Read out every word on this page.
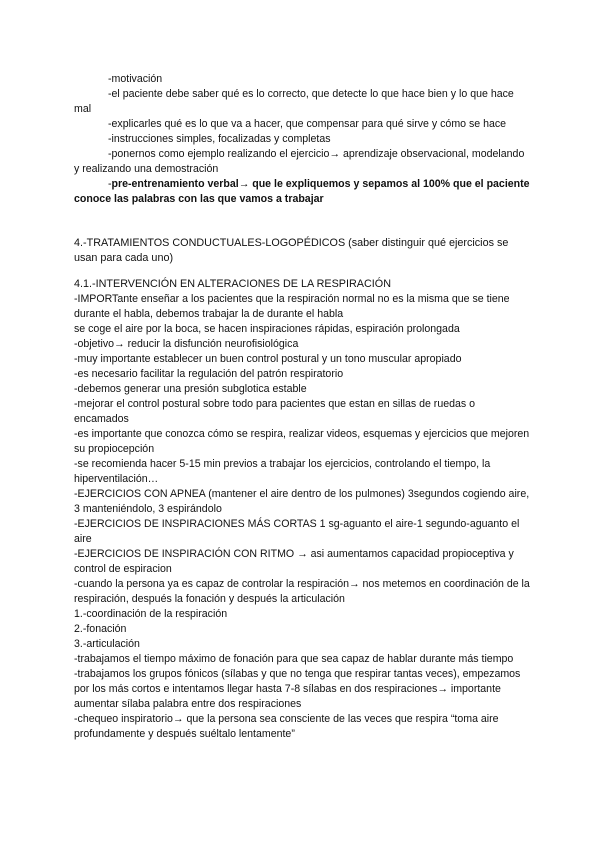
-motivación

-el paciente debe saber qué es lo correcto, que detecte lo que hace bien y lo que hace mal

-explicarles qué es lo que va a hacer, que compensar para qué sirve y cómo se hace

-instrucciones simples, focalizadas y completas

-ponernos como ejemplo realizando el ejercicio→ aprendizaje observacional, modelando y realizando una demostración

-pre-entrenamiento verbal→ que le expliquemos y sepamos al 100% que el paciente conoce las palabras con las que vamos a trabajar

4.-TRATAMIENTOS CONDUCTUALES-LOGOPÉDICOS (saber distinguir qué ejercicios se usan para cada uno)

4.1.-INTERVENCIÓN EN ALTERACIONES DE LA RESPIRACIÓN

-IMPORTante enseñar a los pacientes que la respiración normal no es la misma que se tiene durante el habla, debemos trabajar la de durante el habla

se coge el aire por la boca, se hacen inspiraciones rápidas, espiración prolongada

-objetivo→ reducir la disfunción neurofisiológica

-muy importante establecer un buen control postural y un tono muscular apropiado

-es necesario facilitar la regulación del patrón respiratorio

-debemos generar una presión subglotica estable

-mejorar el control postural sobre todo para pacientes que estan en sillas de ruedas o encamados

-es importante que conozca cómo se respira, realizar videos, esquemas y ejercicios que mejoren su propiocepción

-se recomienda hacer 5-15 min previos a trabajar los ejercicios, controlando el tiempo, la hiperventilación…

-EJERCICIOS CON APNEA (mantener el aire dentro de los pulmones) 3segundos cogiendo aire, 3 manteniéndolo, 3 espirándolo

-EJERCICIOS DE INSPIRACIONES MÁS CORTAS 1 sg-aguanto el aire-1 segundo-aguanto el aire

-EJERCICIOS DE INSPIRACIÓN CON RITMO → asi aumentamos capacidad propioceptiva y control de espiracion

-cuando la persona ya es capaz de controlar la respiración→ nos metemos en coordinación de la respiración, después la fonación y después la articulación

1.-coordinación de la respiración

2.-fonación

3.-articulación

-trabajamos el tiempo máximo de fonación para que sea capaz de hablar durante más tiempo

-trabajamos los grupos fónicos (sílabas y que no tenga que respirar tantas veces), empezamos por los más cortos e intentamos llegar hasta 7-8 sílabas en dos respiraciones→ importante aumentar sílaba palabra entre dos respiraciones

-chequeo inspiratorio→ que la persona sea consciente de las veces que respira “toma aire profundamente y después suéltalo lentamente”
